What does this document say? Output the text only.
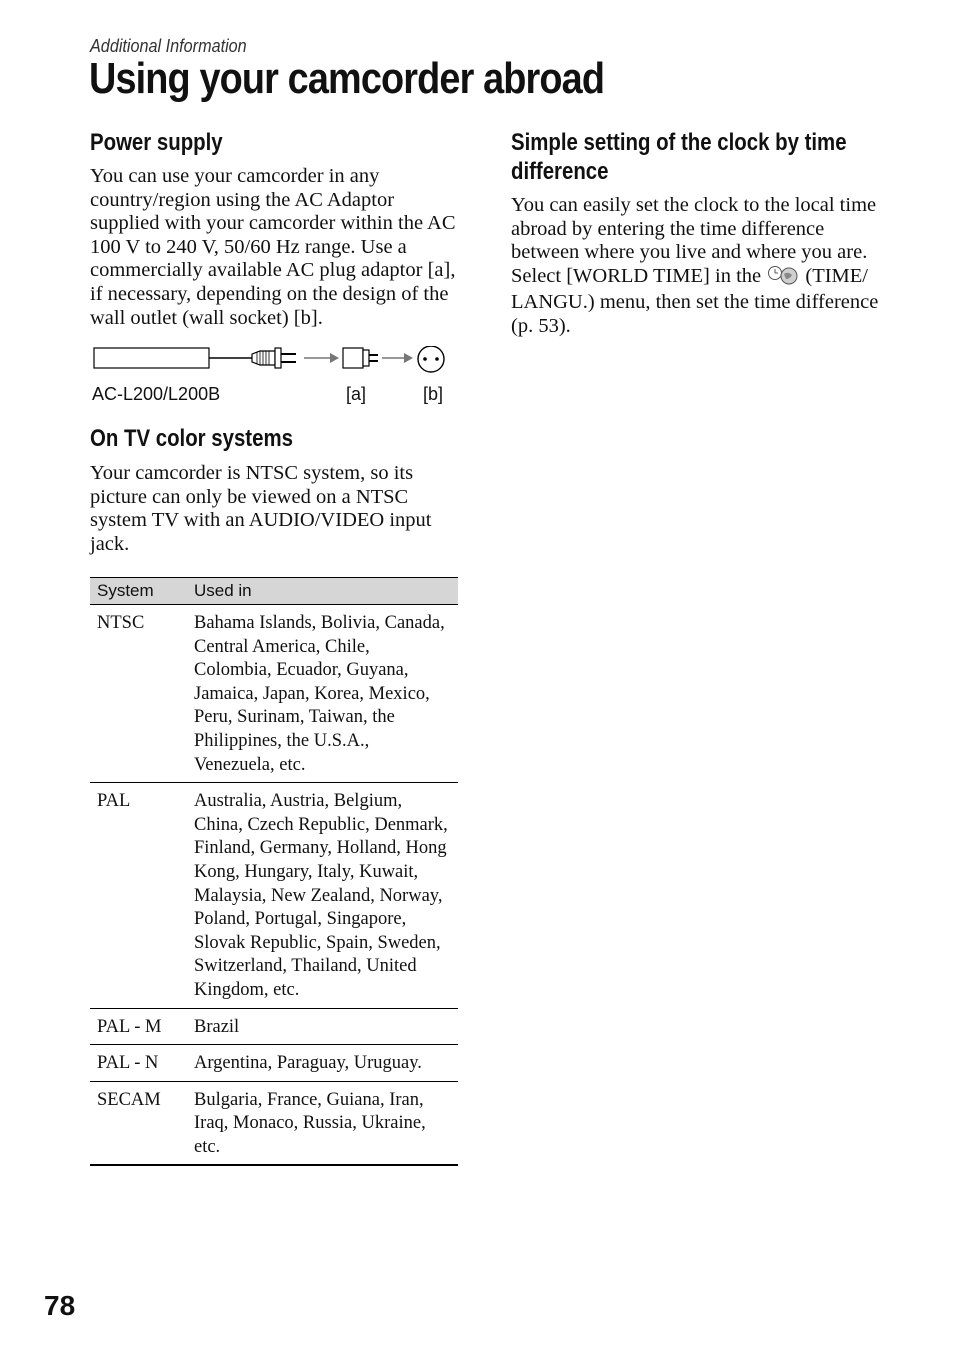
Additional Information
Using your camcorder abroad
Power supply

You can use your camcorder in any country/region using the AC Adaptor supplied with your camcorder within the AC 100 V to 240 V, 50/60 Hz range. Use a commercially available AC plug adaptor [a], if necessary, depending on the design of the wall outlet (wall socket) [b].

AC-L200/L200B	[a]	[b]
On TV color systems

Your camcorder is NTSC system, so its picture can only be viewed on a NTSC system TV with an AUDIO/VIDEO input jack.

System	Used in
NTSC	Bahama Islands, Bolivia, Canada, Central America, Chile, Colombia, Ecuador, Guyana, Jamaica, Japan, Korea, Mexico, Peru, Surinam, Taiwan, the Philippines, the U.S.A., Venezuela, etc.
PAL	Australia, Austria, Belgium, China, Czech Republic, Denmark, Finland, Germany, Holland, Hong Kong, Hungary, Italy, Kuwait, Malaysia, New Zealand, Norway, Poland, Portugal, Singapore, Slovak Republic, Spain, Sweden, Switzerland, Thailand, United Kingdom, etc.
PAL - M	Brazil
PAL - N	Argentina, Paraguay, Uruguay.
SECAM	Bulgaria, France, Guiana, Iran, Iraq, Monaco, Russia, Ukraine, etc.
Simple setting of the clock by time difference

You can easily set the clock to the local time abroad by entering the time difference between where you live and where you are. Select [WORLD TIME] in the (TIME/ LANGU.) menu, then set the time difference (p. 53).

78
